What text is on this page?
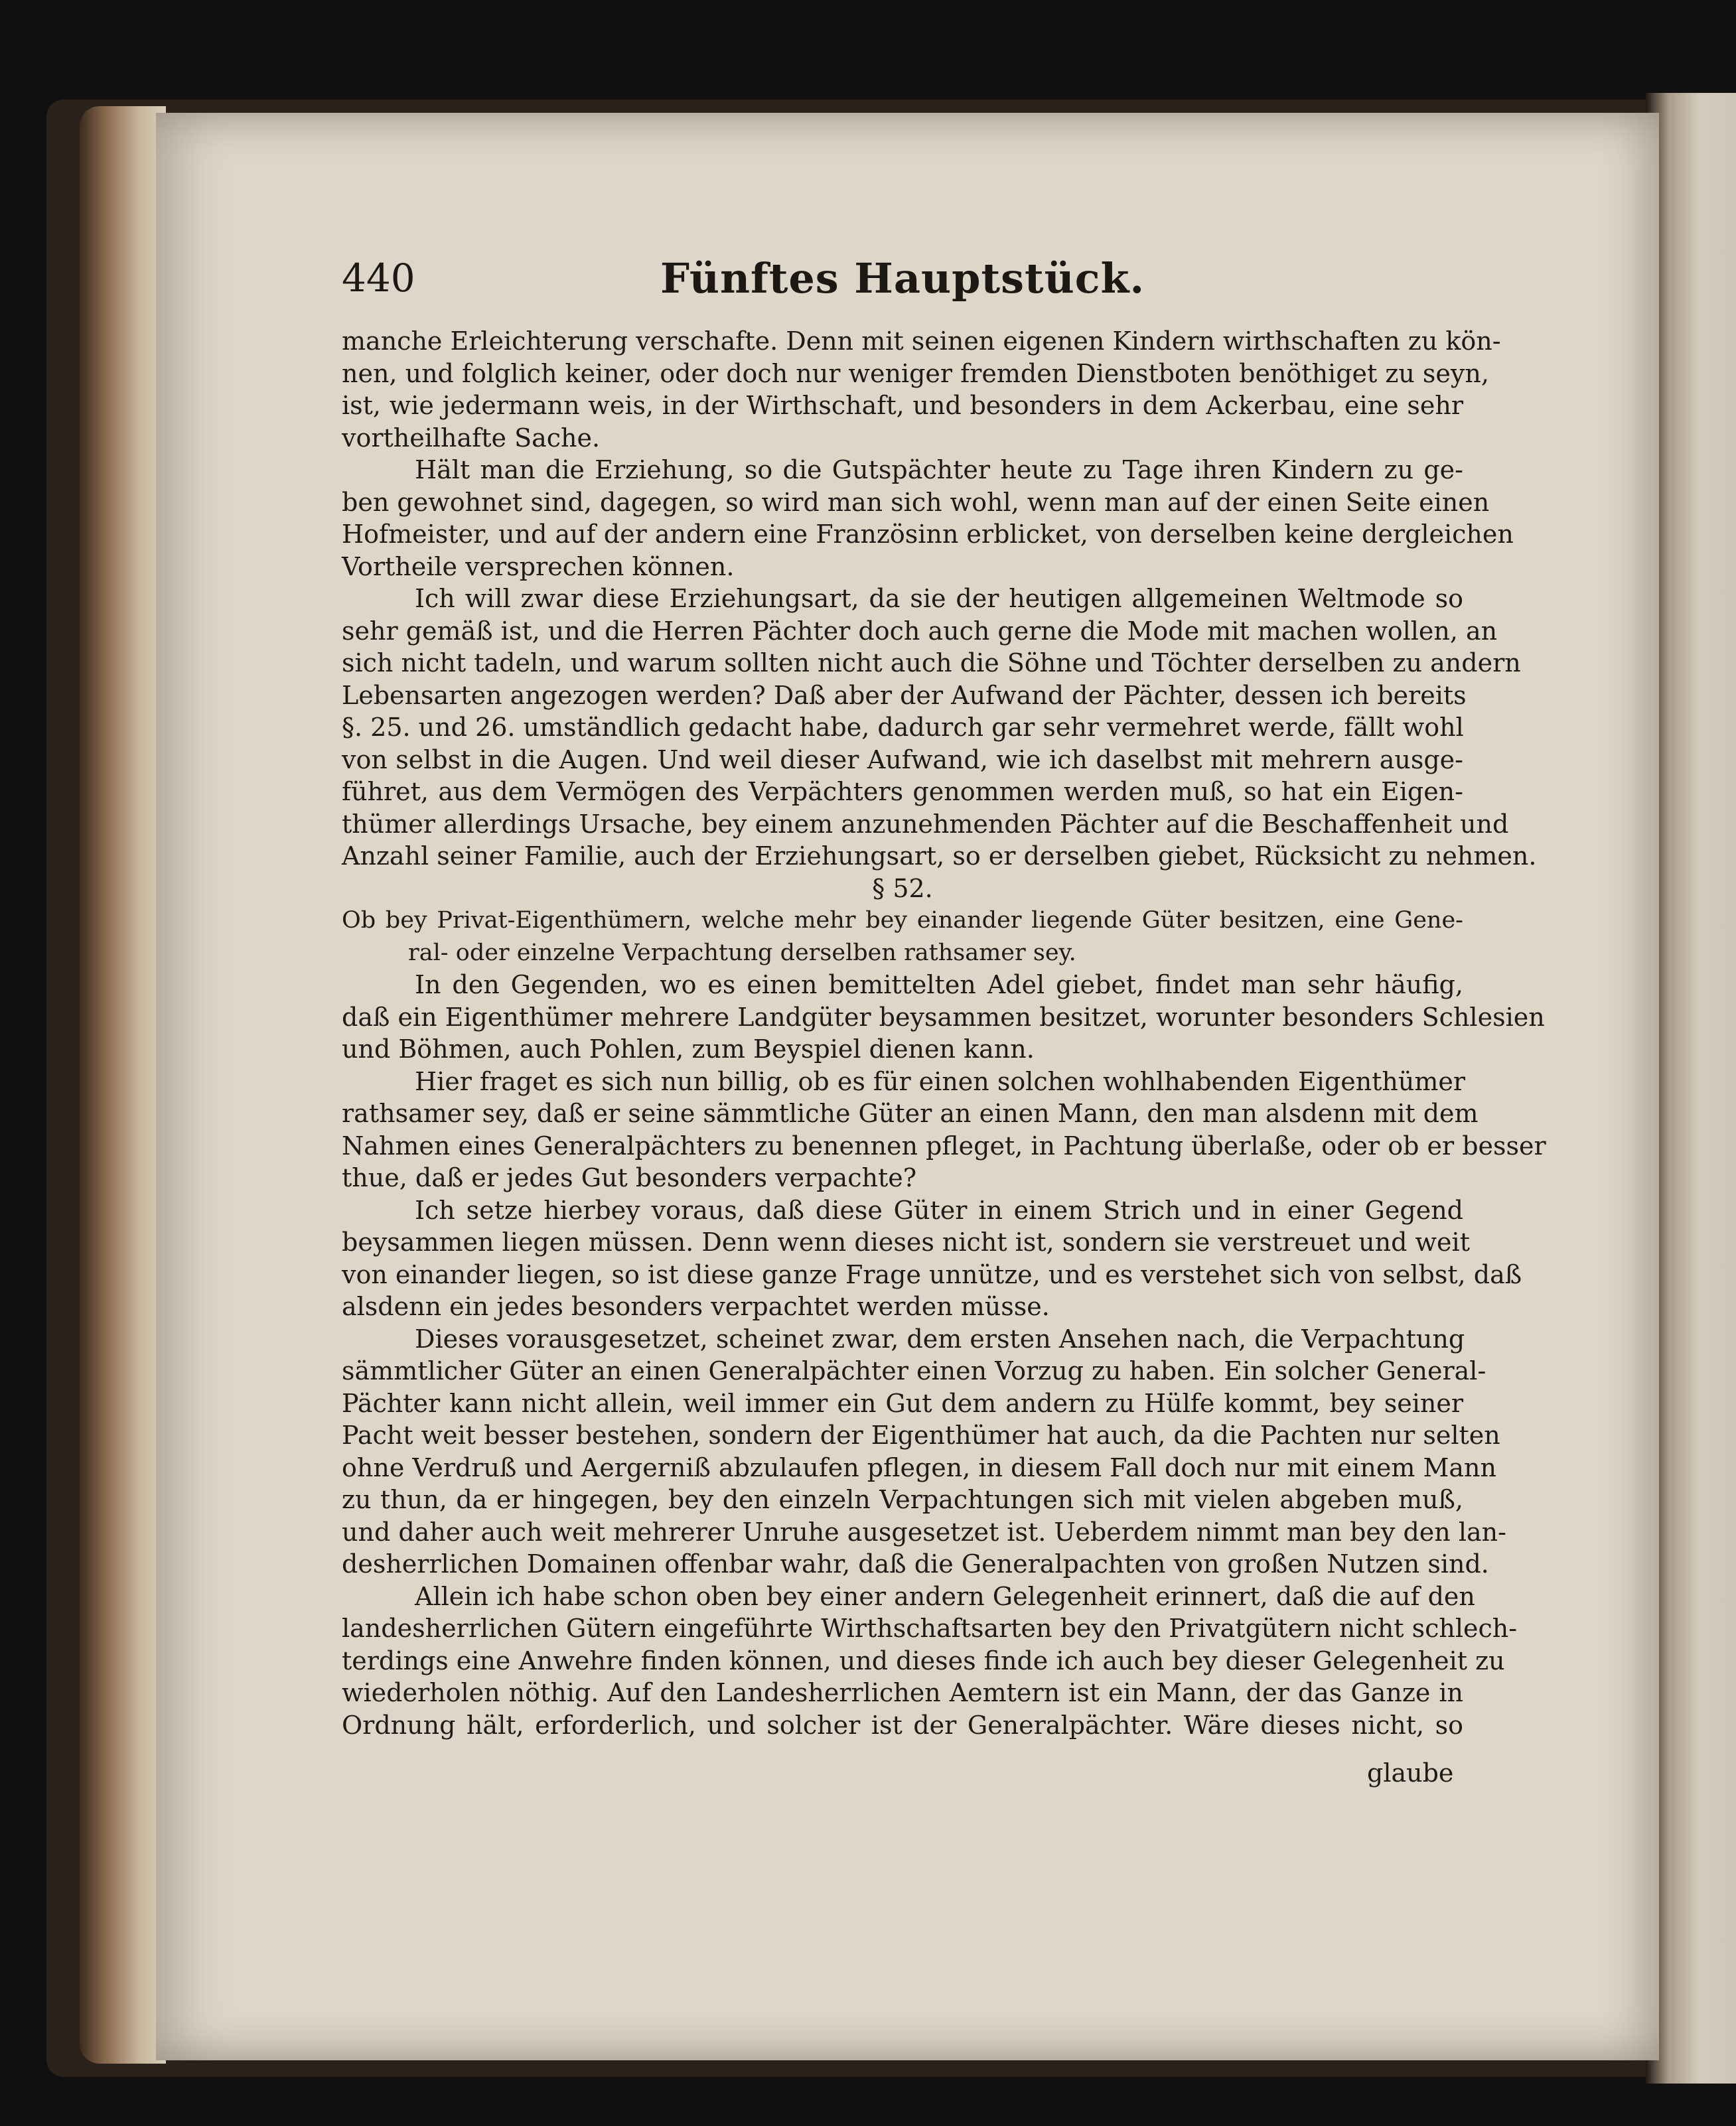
440	Fünftes Hauptstück.
manche Erleichterung verschafte. Denn mit seinen eigenen Kindern wirthschaften zu kön-
nen, und folglich keiner, oder doch nur weniger fremden Dienstboten benöthiget zu seyn,
ist, wie jedermann weis, in der Wirthschaft, und besonders in dem Ackerbau, eine sehr
vortheilhafte Sache.
Hält man die Erziehung, so die Gutspächter heute zu Tage ihren Kindern zu ge-
ben gewohnet sind, dagegen, so wird man sich wohl, wenn man auf der einen Seite einen
Hofmeister, und auf der andern eine Französinn erblicket, von derselben keine dergleichen
Vortheile versprechen können.
Ich will zwar diese Erziehungsart, da sie der heutigen allgemeinen Weltmode so
sehr gemäß ist, und die Herren Pächter doch auch gerne die Mode mit machen wollen, an
sich nicht tadeln, und warum sollten nicht auch die Söhne und Töchter derselben zu andern
Lebensarten angezogen werden? Daß aber der Aufwand der Pächter, dessen ich bereits
§. 25. und 26. umständlich gedacht habe, dadurch gar sehr vermehret werde, fällt wohl
von selbst in die Augen. Und weil dieser Aufwand, wie ich daselbst mit mehrern ausge-
führet, aus dem Vermögen des Verpächters genommen werden muß, so hat ein Eigen-
thümer allerdings Ursache, bey einem anzunehmenden Pächter auf die Beschaffenheit und
Anzahl seiner Familie, auch der Erziehungsart, so er derselben giebet, Rücksicht zu nehmen.
§ 52.
Ob bey Privat-Eigenthümern, welche mehr bey einander liegende Güter besitzen, eine Gene-
ral- oder einzelne Verpachtung derselben rathsamer sey.
In den Gegenden, wo es einen bemittelten Adel giebet, findet man sehr häufig,
daß ein Eigenthümer mehrere Landgüter beysammen besitzet, worunter besonders Schlesien
und Böhmen, auch Pohlen, zum Beyspiel dienen kann.
Hier fraget es sich nun billig, ob es für einen solchen wohlhabenden Eigenthümer
rathsamer sey, daß er seine sämmtliche Güter an einen Mann, den man alsdenn mit dem
Nahmen eines Generalpächters zu benennen pfleget, in Pachtung überlaße, oder ob er besser
thue, daß er jedes Gut besonders verpachte?
Ich setze hierbey voraus, daß diese Güter in einem Strich und in einer Gegend
beysammen liegen müssen. Denn wenn dieses nicht ist, sondern sie verstreuet und weit
von einander liegen, so ist diese ganze Frage unnütze, und es verstehet sich von selbst, daß
alsdenn ein jedes besonders verpachtet werden müsse.
Dieses vorausgesetzet, scheinet zwar, dem ersten Ansehen nach, die Verpachtung
sämmtlicher Güter an einen Generalpächter einen Vorzug zu haben. Ein solcher General-
Pächter kann nicht allein, weil immer ein Gut dem andern zu Hülfe kommt, bey seiner
Pacht weit besser bestehen, sondern der Eigenthümer hat auch, da die Pachten nur selten
ohne Verdruß und Aergerniß abzulaufen pflegen, in diesem Fall doch nur mit einem Mann
zu thun, da er hingegen, bey den einzeln Verpachtungen sich mit vielen abgeben muß,
und daher auch weit mehrerer Unruhe ausgesetzet ist. Ueberdem nimmt man bey den lan-
desherrlichen Domainen offenbar wahr, daß die Generalpachten von großen Nutzen sind.
Allein ich habe schon oben bey einer andern Gelegenheit erinnert, daß die auf den
landesherrlichen Gütern eingeführte Wirthschaftsarten bey den Privatgütern nicht schlech-
terdings eine Anwehre finden können, und dieses finde ich auch bey dieser Gelegenheit zu
wiederholen nöthig. Auf den Landesherrlichen Aemtern ist ein Mann, der das Ganze in
Ordnung hält, erforderlich, und solcher ist der Generalpächter. Wäre dieses nicht, so
glaube
